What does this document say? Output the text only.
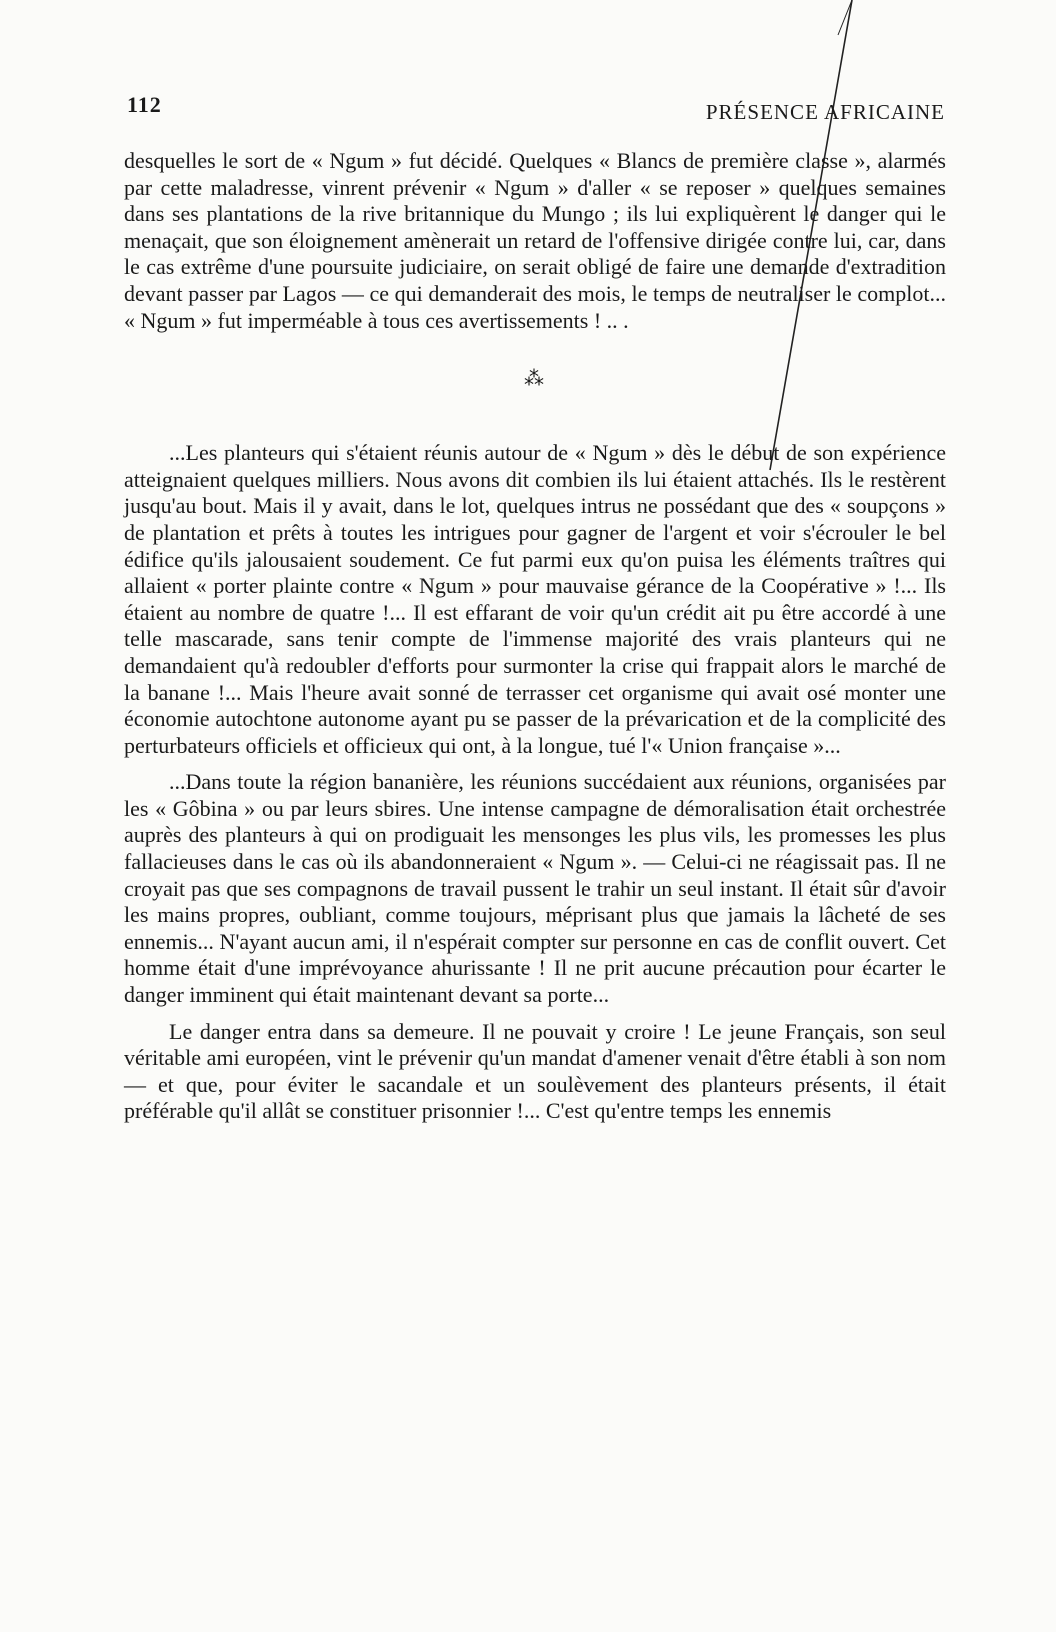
112	PRÉSENCE AFRICAINE

desquelles le sort de « Ngum » fut décidé. Quelques « Blancs de première classe », alarmés par cette maladresse, vinrent prévenir « Ngum » d'aller « se reposer » quelques semaines dans ses plantations de la rive britannique du Mungo ; ils lui expliquèrent le danger qui le menaçait, que son éloignement amènerait un retard de l'offensive dirigée contre lui, car, dans le cas extrême d'une poursuite judiciaire, on serait obligé de faire une demande d'extradition devant passer par Lagos — ce qui demanderait des mois, le temps de neutraliser le complot... « Ngum » fut imperméable à tous ces avertissements ! .. .

⁂

...Les planteurs qui s'étaient réunis autour de « Ngum » dès le début de son expérience atteignaient quelques milliers. Nous avons dit combien ils lui étaient attachés. Ils le restèrent jusqu'au bout. Mais il y avait, dans le lot, quelques intrus ne possédant que des « soupçons » de plantation et prêts à toutes les intrigues pour gagner de l'argent et voir s'écrouler le bel édifice qu'ils jalousaient soudement. Ce fut parmi eux qu'on puisa les éléments traîtres qui allaient « porter plainte contre « Ngum » pour mauvaise gérance de la Coopérative » !... Ils étaient au nombre de quatre !... Il est effarant de voir qu'un crédit ait pu être accordé à une telle mascarade, sans tenir compte de l'immense majorité des vrais planteurs qui ne demandaient qu'à redoubler d'efforts pour surmonter la crise qui frappait alors le marché de la banane !... Mais l'heure avait sonné de terrasser cet organisme qui avait osé monter une économie autochtone autonome ayant pu se passer de la prévarication et de la complicité des perturbateurs officiels et officieux qui ont, à la longue, tué l'« Union française »...

...Dans toute la région bananière, les réunions succédaient aux réunions, organisées par les « Gôbina » ou par leurs sbires. Une intense campagne de démoralisation était orchestrée auprès des planteurs à qui on prodiguait les mensonges les plus vils, les promesses les plus fallacieuses dans le cas où ils abandonneraient « Ngum ». — Celui-ci ne réagissait pas. Il ne croyait pas que ses compagnons de travail pussent le trahir un seul instant. Il était sûr d'avoir les mains propres, oubliant, comme toujours, méprisant plus que jamais la lâcheté de ses ennemis... N'ayant aucun ami, il n'espérait compter sur personne en cas de conflit ouvert. Cet homme était d'une imprévoyance ahurissante ! Il ne prit aucune précaution pour écarter le danger imminent qui était maintenant devant sa porte...

Le danger entra dans sa demeure. Il ne pouvait y croire ! Le jeune Français, son seul véritable ami européen, vint le prévenir qu'un mandat d'amener venait d'être établi à son nom — et que, pour éviter le sacandale et un soulèvement des planteurs présents, il était préférable qu'il allât se constituer prisonnier !... C'est qu'entre temps les ennemis
